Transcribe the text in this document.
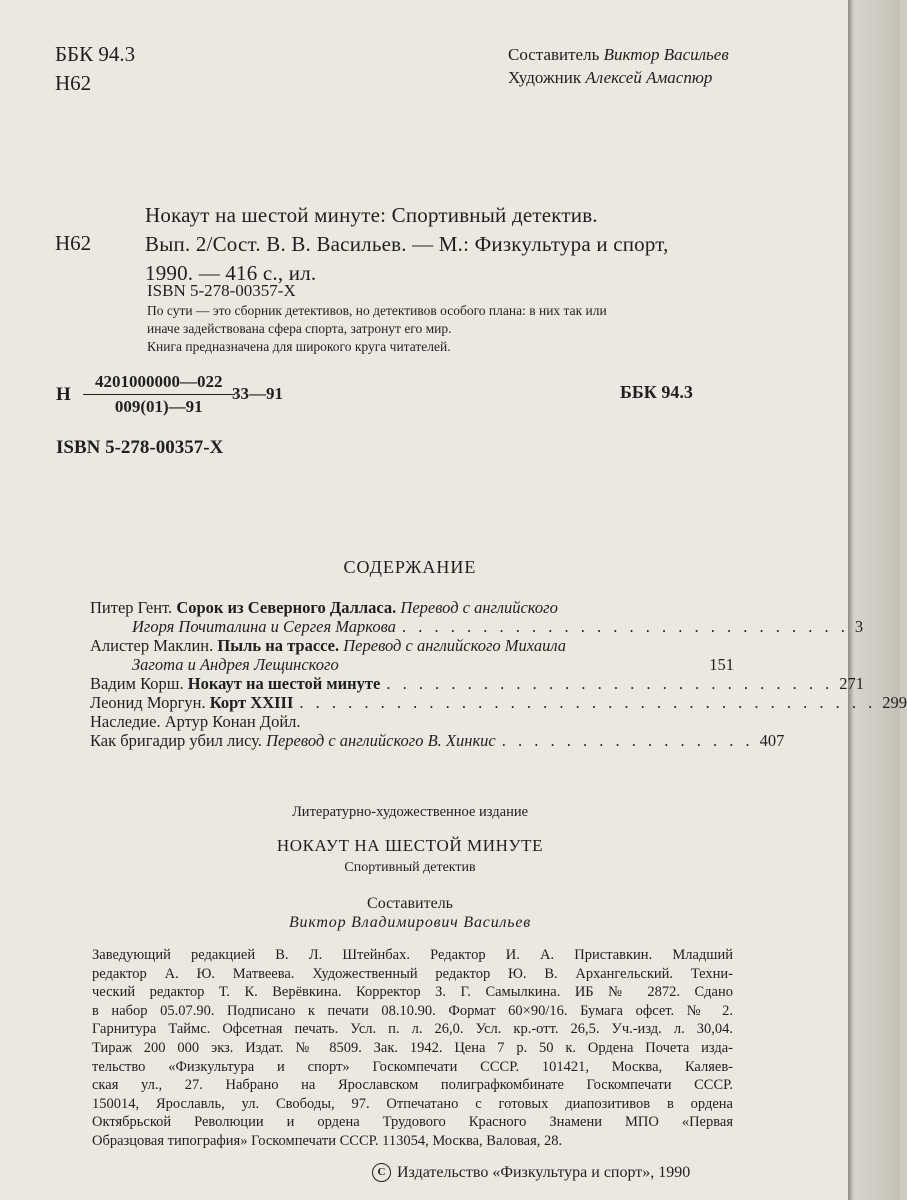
ББК 94.3
Н62
Составитель Виктор Васильев
Художник Алексей Амаспюр
Н62
Нокаут на шестой минуте: Спортивный детектив.
Вып. 2/Сост. В. В. Васильев. — М.: Физкультура и спорт,
1990. — 416 с., ил.
ISBN 5-278-00357-X
По сути — это сборник детективов, но детективов особого плана: в них так или
иначе задействована сфера спорта, затронут его мир.
Книга предназначена для широкого круга читателей.
Н $\frac{4201000000—022}{009(01)—91}$
33—91	ББК 94.3
ISBN 5-278-00357-X
СОДЕРЖАНИЕ
Питер Гент. Сорок из Северного Далласа. Перевод с английского
Игоря Почиталина и Сергея Маркова . . . . . . . . . . . . . . . . . . . . . . . . . . . . 3
Алистер Маклин. Пыль на трассе. Перевод с английского Михаила
Загота и Андрея Лещинского	151
Вадим Корш. Нокаут на шестой минуте . . . . . . . . . . . . . . . . . . . . . . . . . . . . 271
Леонид Моргун. Корт XXIII . . . . . . . . . . . . . . . . . . . . . . . . . . . . . . . . . . . . 299
Наследие. Артур Конан Дойл.
Как бригадир убил лису. Перевод с английского В. Хинкис . . . . . . . . . . . . . . . . 407
Литературно-художественное издание
НОКАУТ НА ШЕСТОЙ МИНУТЕ
Спортивный детектив
Составитель
Виктор Владимирович Васильев
Заведующий редакцией В. Л. Штейнбах. Редактор И. А. Приставкин. Младший
редактор А. Ю. Матвеева. Художественный редактор Ю. В. Архангельский. Техни-
ческий редактор Т. К. Верёвкина. Корректор З. Г. Самылкина. ИБ № 2872. Сдано
в набор 05.07.90. Подписано к печати 08.10.90. Формат 60×90/16. Бумага офсет. № 2.
Гарнитура Таймс. Офсетная печать. Усл. п. л. 26,0. Усл. кр.-отт. 26,5. Уч.-изд. л. 30,04.
Тираж 200 000 экз. Издат. № 8509. Зак. 1942. Цена 7 р. 50 к. Ордена Почета изда-
тельство «Физкультура и спорт» Госкомпечати СССР. 101421, Москва, Каляев-
ская ул., 27. Набрано на Ярославском полиграфкомбинате Госкомпечати СССР.
150014, Ярославль, ул. Свободы, 97. Отпечатано с готовых диапозитивов в ордена
Октябрьской Революции и ордена Трудового Красного Знамени МПО «Первая
Образцовая типография» Госкомпечати СССР. 113054, Москва, Валовая, 28.
C Издательство «Физкультура и спорт», 1990
